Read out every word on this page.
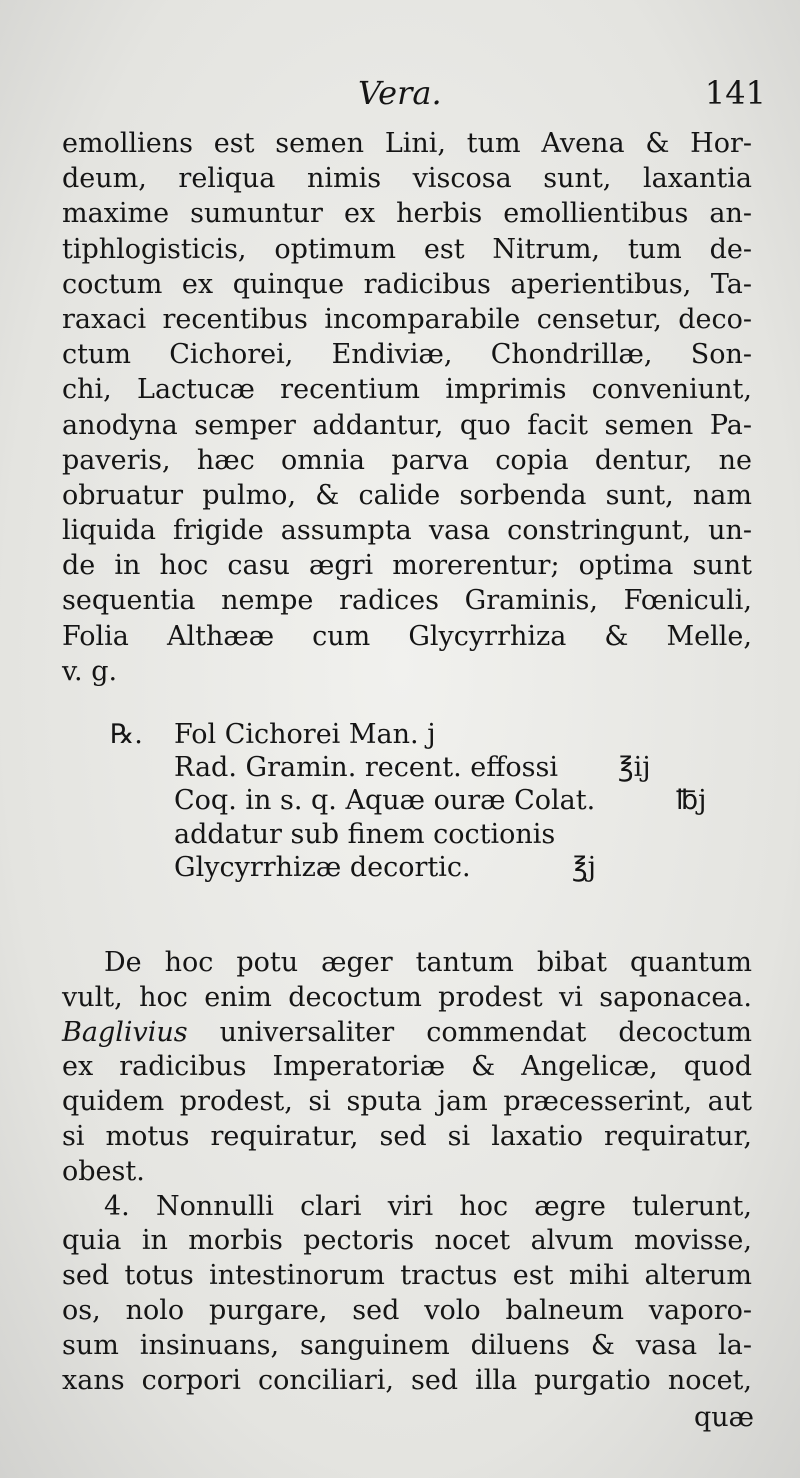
Vera.	141
emolliens est semen Lini, tum Avena & Hor-
deum, reliqua nimis viscosa sunt, laxantia
maxime sumuntur ex herbis emollientibus an-
tiphlogisticis, optimum est Nitrum, tum de-
coctum ex quinque radicibus aperientibus, Ta-
raxaci recentibus incomparabile censetur, deco-
ctum Cichorei, Endiviæ, Chondrillæ, Son-
chi, Lactucæ recentium imprimis conveniunt,
anodyna semper addantur, quo facit semen Pa-
paveris, hæc omnia parva copia dentur, ne
obruatur pulmo, & calide sorbenda sunt, nam
liquida frigide assumpta vasa constringunt, un-
de in hoc casu ægri morerentur; optima sunt
sequentia nempe radices Graminis, Fœniculi,
Folia Althææ cum Glycyrrhiza & Melle,
v. g.
℞. Fol Cichorei Man. j
Rad. Gramin. recent. effossi ℥ij
Coq. in s. q. Aquæ ouræ Colat.	℔j
addatur sub finem coctionis
Glycyrrhizæ decortic.	℥j
De hoc potu æger tantum bibat quantum
vult, hoc enim decoctum prodest vi saponacea.
Baglivius universaliter commendat decoctum
ex radicibus Imperatoriæ & Angelicæ, quod
quidem prodest, si sputa jam præcesserint, aut
si motus requiratur, sed si laxatio requiratur,
obest.
4. Nonnulli clari viri hoc ægre tulerunt,
quia in morbis pectoris nocet alvum movisse,
sed totus intestinorum tractus est mihi alterum
os, nolo purgare, sed volo balneum vaporo-
sum insinuans, sanguinem diluens & vasa la-
xans corpori conciliari, sed illa purgatio nocet,
quæ
